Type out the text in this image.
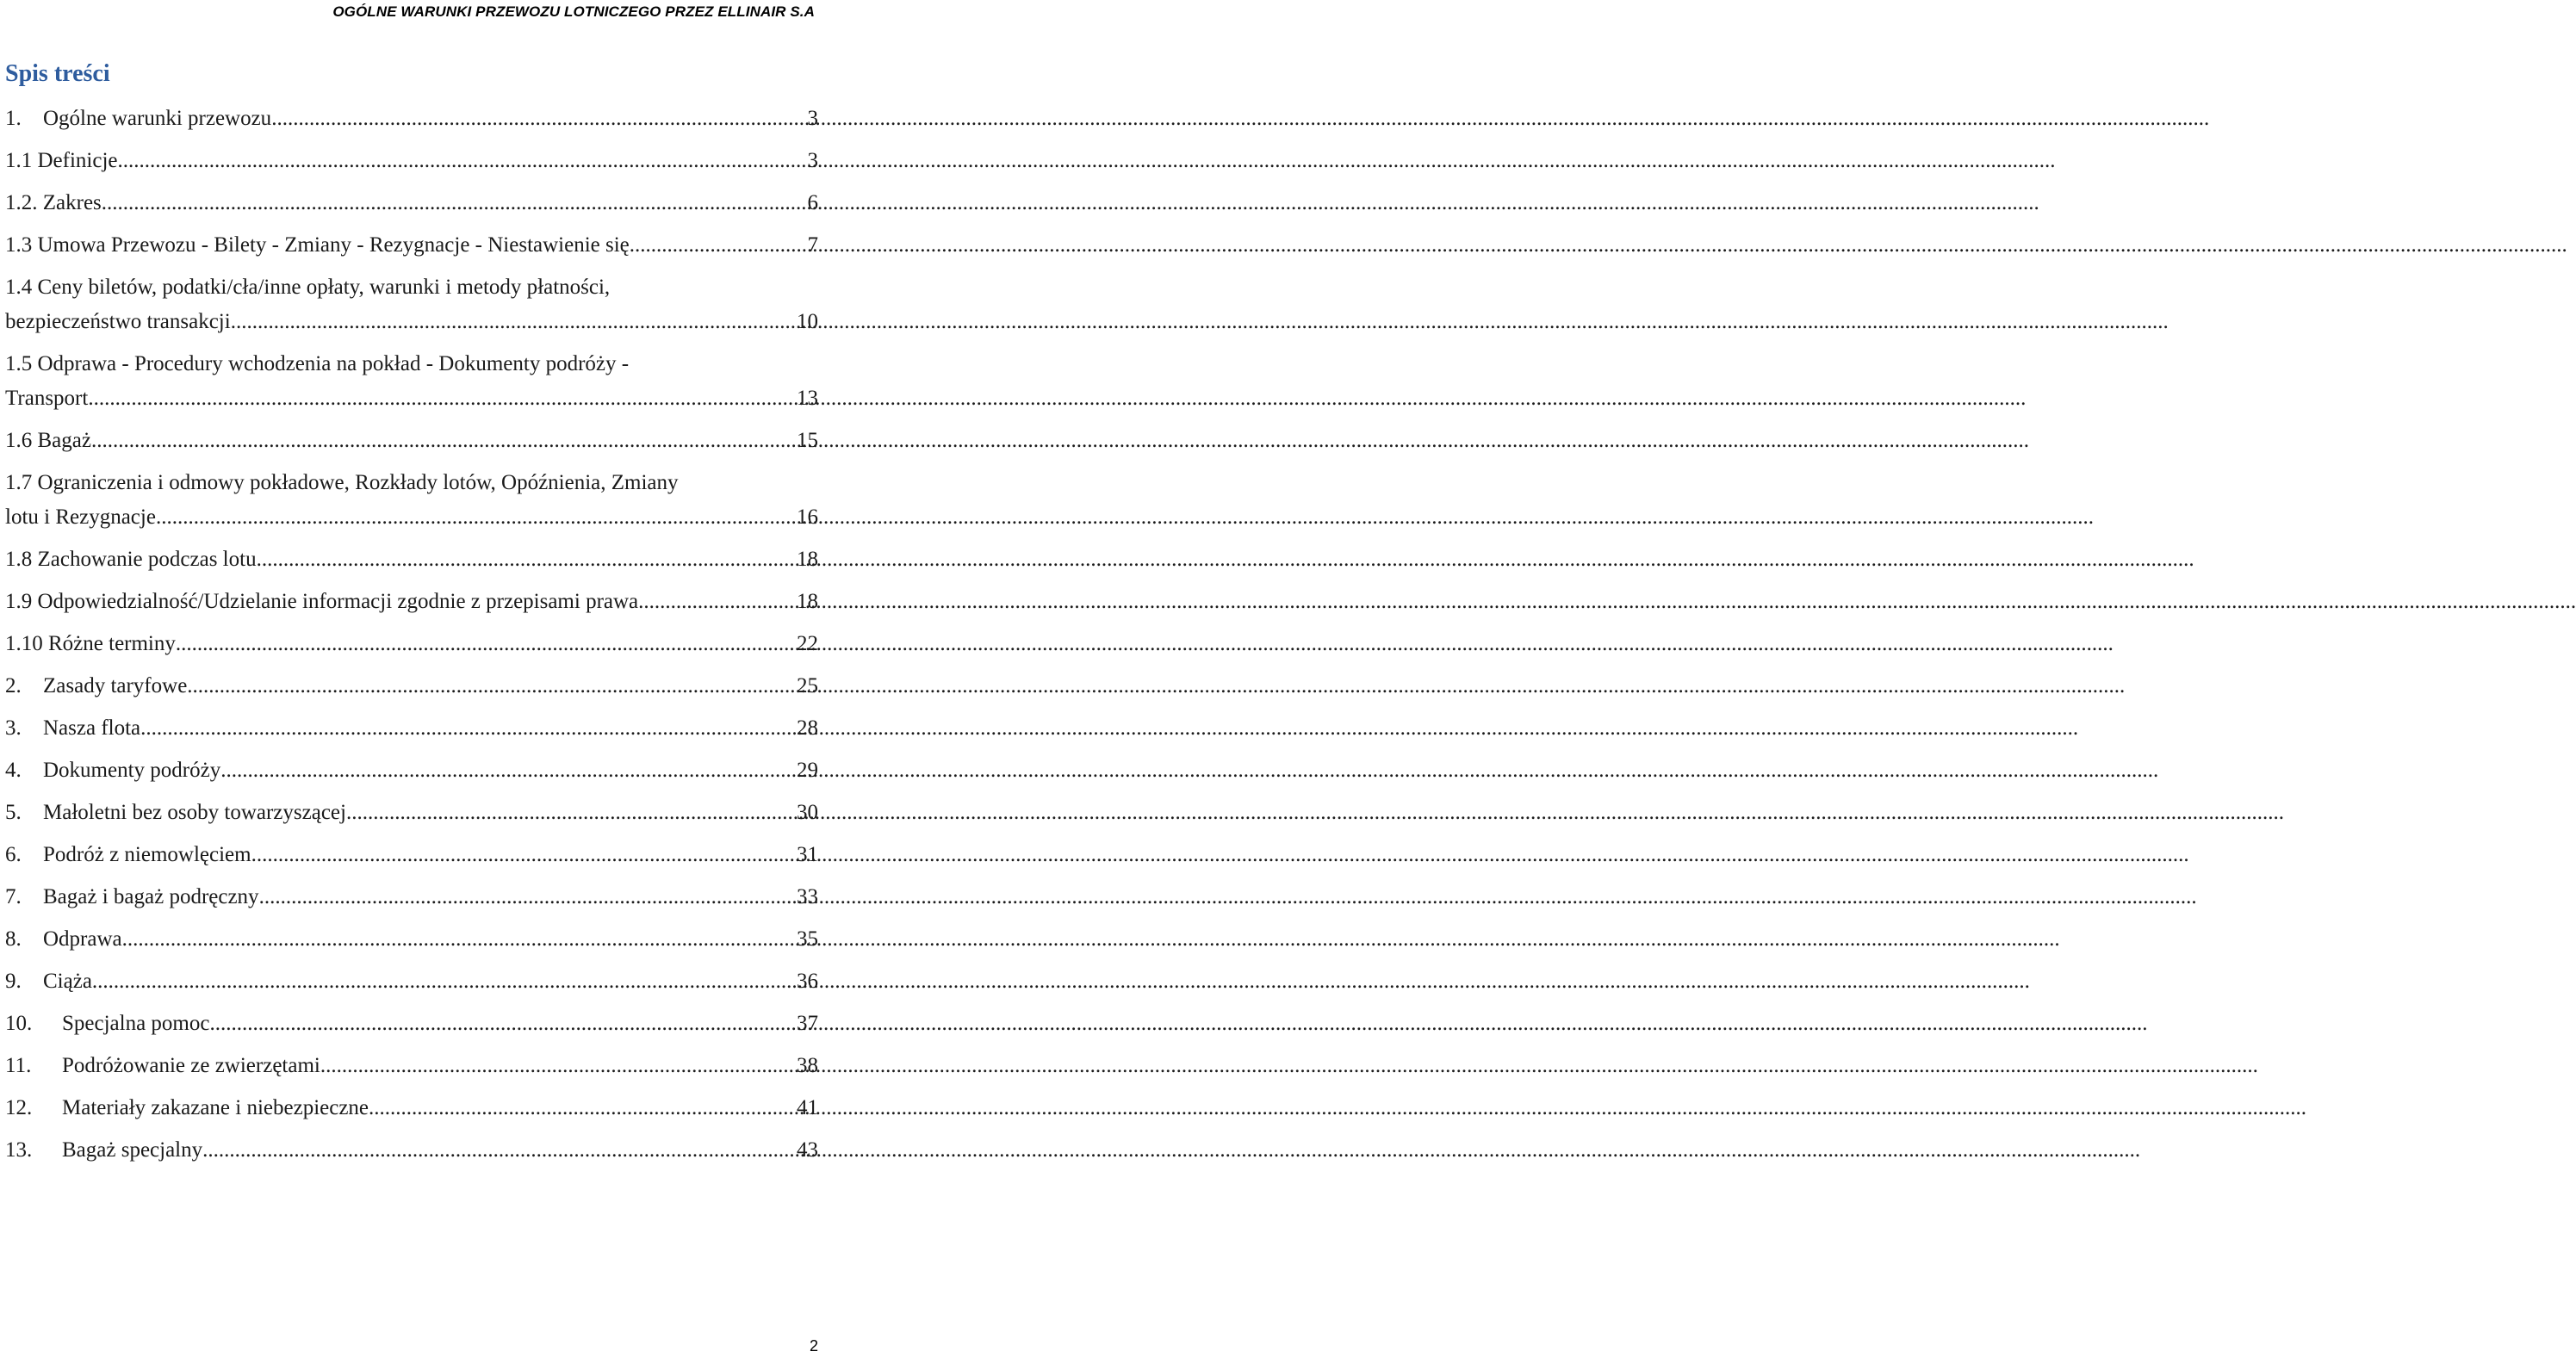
OGÓLNE WARUNKI PRZEWOZU LOTNICZEGO PRZEZ ELLINAIR S.A
Spis treści
1.	Ogólne warunki przewozu .....	3
1.1 Definicje .....	3
1.2. Zakres .....	6
1.3 Umowa Przewozu - Bilety - Zmiany - Rezygnacje - Niestawienie się .....	7
1.4 Ceny biletów, podatki/cła/inne opłaty, warunki i metody płatności,
bezpieczeństwo transakcji .....	10
1.5 Odprawa - Procedury wchodzenia na pokład - Dokumenty podróży -
Transport .....	13
1.6 Bagaż .....	15
1.7 Ograniczenia i odmowy pokładowe, Rozkłady lotów, Opóźnienia, Zmiany
lotu i Rezygnacje .....	16
1.8 Zachowanie podczas lotu .....	18
1.9 Odpowiedzialność/Udzielanie informacji zgodnie z przepisami prawa .....	18
1.10 Różne terminy .....	22
2.	Zasady taryfowe .....	25
3.	Nasza flota .....	28
4.	Dokumenty podróży .....	29
5.	Małoletni bez osoby towarzyszącej .....	30
6.	Podróż z niemowlęciem .....	31
7.	Bagaż i bagaż podręczny .....	33
8.	Odprawa .....	35
9.	Ciąża .....	36
10.	Specjalna pomoc .....	37
11.	Podróżowanie ze zwierzętami .....	38
12.	Materiały zakazane i niebezpieczne .....	41
13.	Bagaż specjalny .....	43
2
